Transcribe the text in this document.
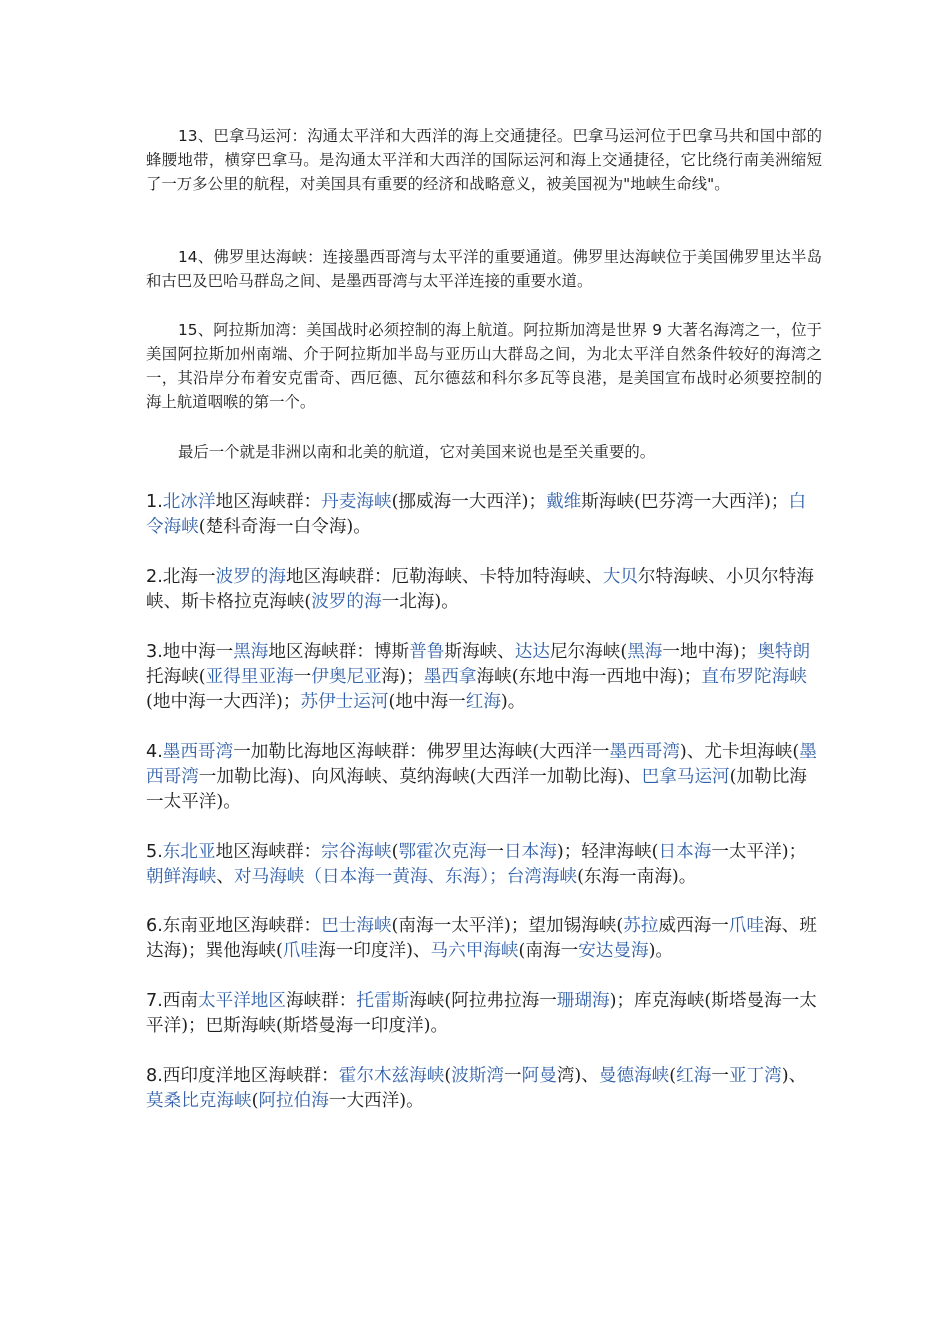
13、巴拿马运河：沟通太平洋和大西洋的海上交通捷径。巴拿马运河位于巴拿马共和国中部的蜂腰地带，横穿巴拿马。是沟通太平洋和大西洋的国际运河和海上交通捷径，它比绕行南美洲缩短了一万多公里的航程，对美国具有重要的经济和战略意义，被美国视为"地峡生命线"。

14、佛罗里达海峡：连接墨西哥湾与太平洋的重要通道。佛罗里达海峡位于美国佛罗里达半岛和古巴及巴哈马群岛之间、是墨西哥湾与太平洋连接的重要水道。

15、阿拉斯加湾：美国战时必须控制的海上航道。阿拉斯加湾是世界 9 大著名海湾之一，位于美国阿拉斯加州南端、介于阿拉斯加半岛与亚历山大群岛之间，为北太平洋自然条件较好的海湾之一，其沿岸分布着安克雷奇、西厄德、瓦尔德兹和科尔多瓦等良港，是美国宣布战时必须要控制的海上航道咽喉的第一个。

最后一个就是非洲以南和北美的航道，它对美国来说也是至关重要的。

1.北冰洋地区海峡群：丹麦海峡(挪威海一大西洋)；戴维斯海峡(巴芬湾一大西洋)；白令海峡(楚科奇海一白令海)。

2.北海一波罗的海地区海峡群：厄勒海峡、卡特加特海峡、大贝尔特海峡、小贝尔特海峡、斯卡格拉克海峡(波罗的海一北海)。

3.地中海一黑海地区海峡群：博斯普鲁斯海峡、达达尼尔海峡(黑海一地中海)；奥特朗托海峡(亚得里亚海一伊奥尼亚海)；墨西拿海峡(东地中海一西地中海)；直布罗陀海峡(地中海一大西洋)；苏伊士运河(地中海一红海)。

4.墨西哥湾一加勒比海地区海峡群：佛罗里达海峡(大西洋一墨西哥湾)、尤卡坦海峡(墨西哥湾一加勒比海)、向风海峡、莫纳海峡(大西洋一加勒比海)、巴拿马运河(加勒比海一太平洋)。

5.东北亚地区海峡群：宗谷海峡(鄂霍次克海一日本海)；轻津海峡(日本海一太平洋)；朝鲜海峡、对马海峡（日本海一黄海、东海）；台湾海峡(东海一南海)。

6.东南亚地区海峡群：巴士海峡(南海一太平洋)；望加锡海峡(苏拉威西海一爪哇海、班达海)；巽他海峡(爪哇海一印度洋)、马六甲海峡(南海一安达曼海)。

7.西南太平洋地区海峡群：托雷斯海峡(阿拉弗拉海一珊瑚海)；库克海峡(斯塔曼海一太平洋)；巴斯海峡(斯塔曼海一印度洋)。

8.西印度洋地区海峡群：霍尔木兹海峡(波斯湾一阿曼湾)、曼德海峡(红海一亚丁湾)、莫桑比克海峡(阿拉伯海一大西洋)。
